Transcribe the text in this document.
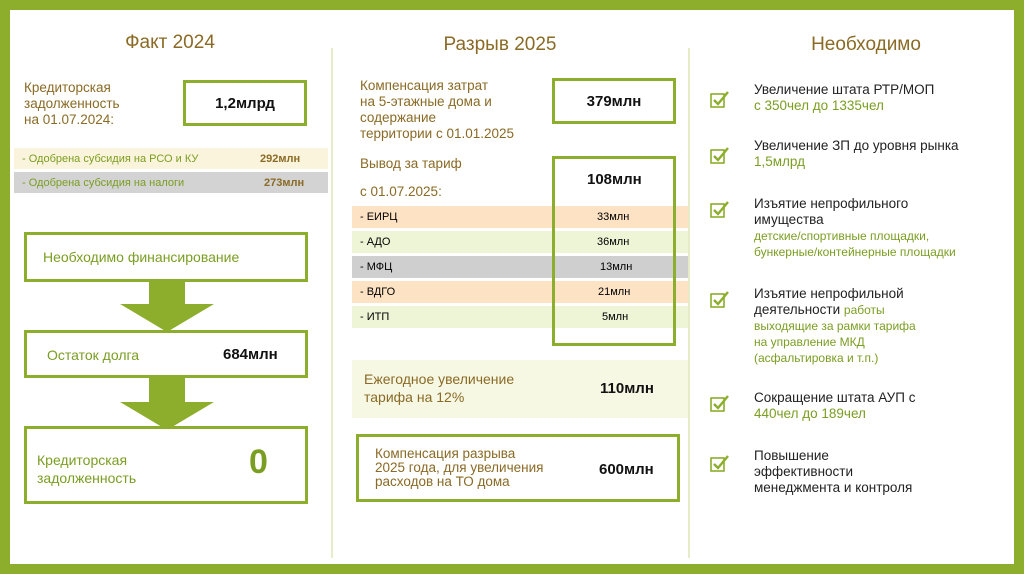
Факт 2024
Кредиторская
задолженность
на 01.07.2024:
1,2млрд
- Одобрена субсидия на РСО и КУ	292млн
- Одобрена субсидия на налоги	273млн
Необходимо финансирование
Остаток долга	684млн
Кредиторская
задолженность	0
Разрыв 2025
Компенсация затрат
на 5-этажные дома и
содержание
территории с 01.01.2025
379млн
Вывод за тариф
с 01.07.2025:
- ЕИРЦ	33млн
- АДО	36млн
- МФЦ	13млн
- ВДГО	21млн
- ИТП	5млн
108млн
Ежегодное увеличение
тарифа на 12%	110млн
Компенсация разрыва
2025 года, для увеличения
расходов на ТО дома
600млн
Необходимо
Увеличение штата РТР/МОП
с 350чел до 1335чел
Увеличение ЗП до уровня рынка
1,5млрд
Изъятие непрофильного
имущества
детские/спортивные площадки,
бункерные/контейнерные площадки
Изъятие непрофильной
деятельности работы
выходящие за рамки тарифа
на управление МКД
(асфальтировка и т.п.)
Сокращение штата АУП с
440чел до 189чел
Повышение
эффективности
менеджмента и контроля
